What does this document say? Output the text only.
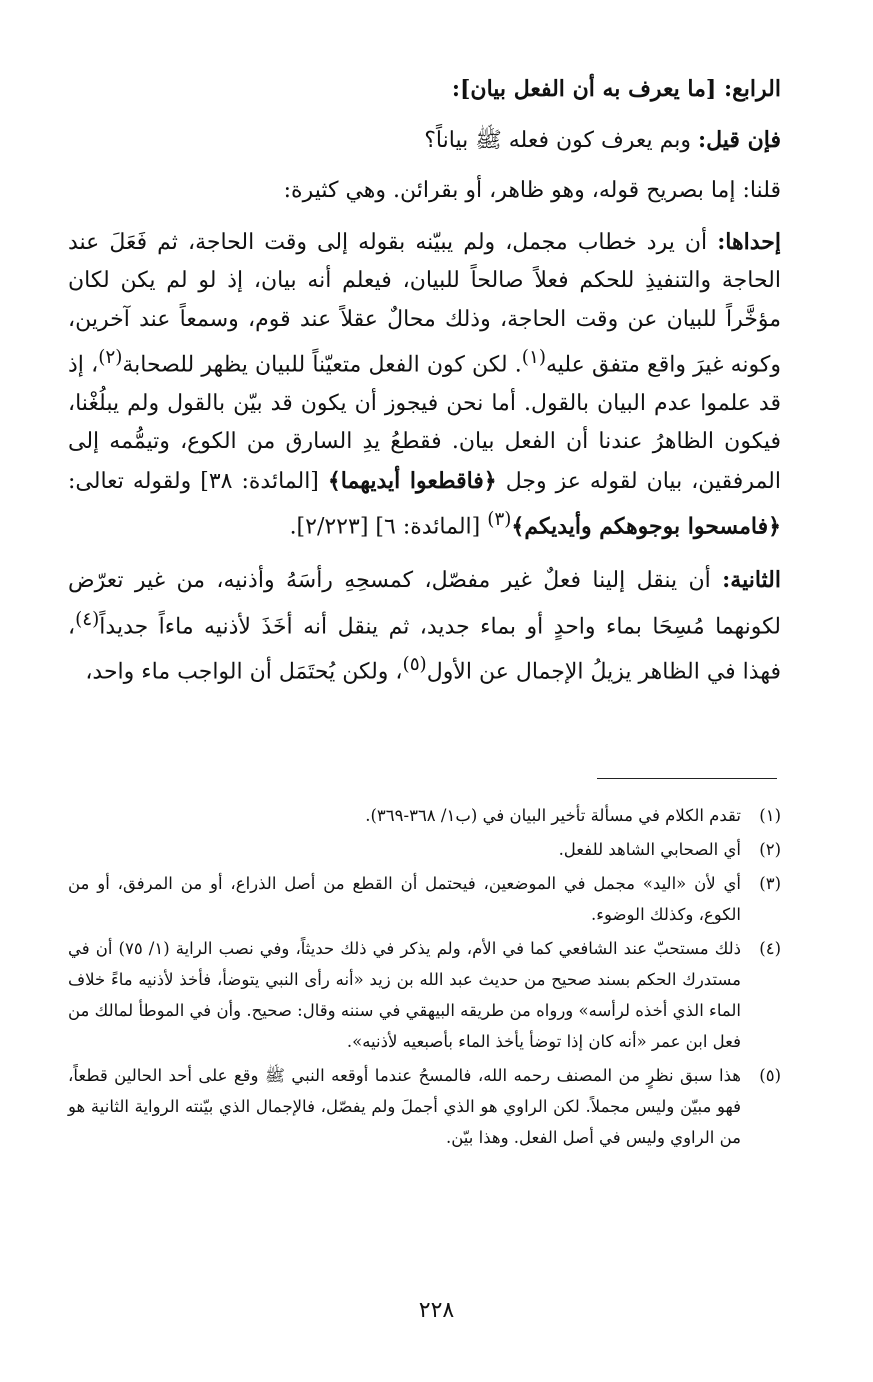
الرابع: [ما يعرف به أن الفعل بيان]:

فإن قيل: وبم يعرف كون فعله ﷺ بياناً؟

قلنا: إما بصريح قوله، وهو ظاهر، أو بقرائن. وهي كثيرة:

إحداها: أن يرد خطاب مجمل، ولم يبيّنه بقوله إلى وقت الحاجة، ثم فَعَلَ عند الحاجة والتنفيذِ للحكم فعلاً صالحاً للبيان، فيعلم أنه بيان، إذ لو لم يكن لكان مؤخَّراً للبيان عن وقت الحاجة، وذلك محالٌ عقلاً عند قوم، وسمعاً عند آخرين، وكونه غيرَ واقع متفق عليه$^{(١)}$. لكن كون الفعل متعيّناً للبيان يظهر للصحابة$^{(٢)}$، إذ قد علموا عدم البيان بالقول. أما نحن فيجوز أن يكون قد بيّن بالقول ولم يبلُغْنا، فيكون الظاهرُ عندنا أن الفعل بيان. فقطعُ يدِ السارق من الكوع، وتيمُّمه إلى المرفقين، بيان لقوله عز وجل ﴿فاقطعوا أيديهما﴾ [المائدة: ٣٨] ولقوله تعالى: ﴿فامسحوا بوجوهكم وأيديكم﴾$^{(٣)}$ [المائدة: ٦] [٢/٢٢٣].

الثانية: أن ينقل إلينا فعلٌ غير مفصّل، كمسحِهِ رأسَهُ وأذنيه، من غير تعرّض لكونهما مُسِحَا بماء واحدٍ أو بماء جديد، ثم ينقل أنه أخَذَ لأذنيه ماءاً جديداً$^{(٤)}$، فهذا في الظاهر يزيلُ الإجمال عن الأول$^{(٥)}$، ولكن يُحتَمَل أن الواجب ماء واحد،

(١)
تقدم الكلام في مسألة تأخير البيان في (ب١/ ٣٦٨-٣٦٩).
(٢)
أي الصحابي الشاهد للفعل.
(٣)
أي لأن «اليد» مجمل في الموضعين، فيحتمل أن القطع من أصل الذراع، أو من المرفق، أو من الكوع، وكذلك الوضوء.
(٤)
ذلك مستحبّ عند الشافعي كما في الأم، ولم يذكر في ذلك حديثاً، وفي نصب الراية (١/ ٧٥) أن في مستدرك الحكم بسند صحيح من حديث عبد الله بن زيد «أنه رأى النبي يتوضأ، فأخذ لأذنيه ماءً خلاف الماء الذي أخذه لرأسه» ورواه من طريقه البيهقي في سننه وقال: صحيح. وأن في الموطأ لمالك من فعل ابن عمر «أنه كان إذا توضأ يأخذ الماء بأصبعيه لأذنيه».
(٥)
هذا سبق نظرٍ من المصنف رحمه الله، فالمسحُ عندما أوقعه النبي ﷺ وقع على أحد الحالين قطعاً، فهو مبيّن وليس مجملاً. لكن الراوي هو الذي أجملَ ولم يفصّل، فالإجمال الذي بيّنته الرواية الثانية هو من الراوي وليس في أصل الفعل. وهذا بيّن.
٢٢٨
